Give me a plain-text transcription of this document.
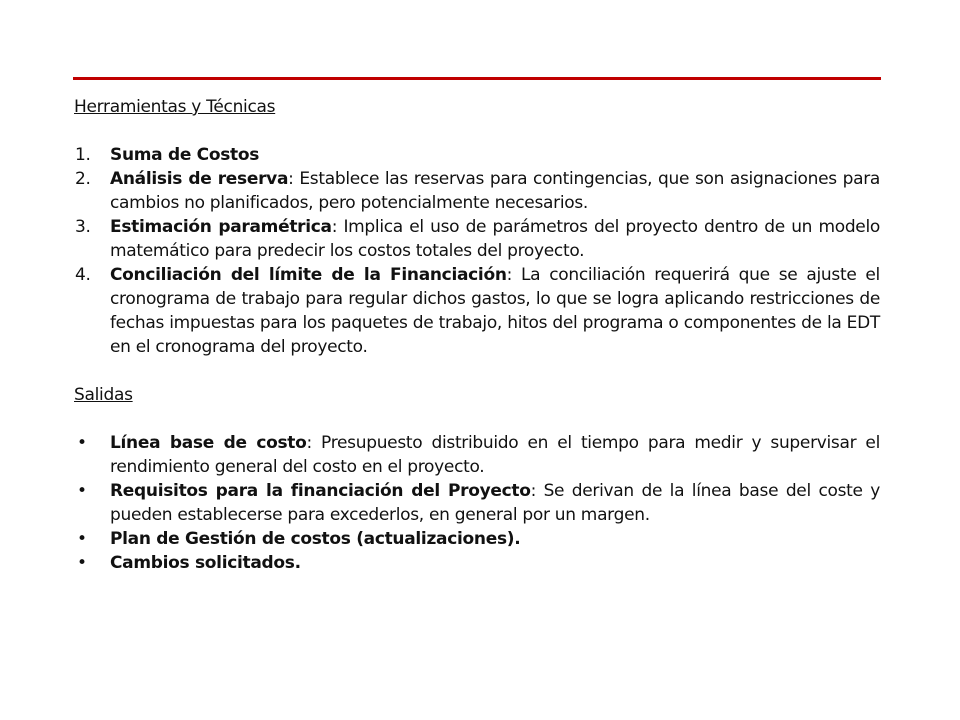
Herramientas y Técnicas

1. Suma de Costos
2. Análisis de reserva: Establece las reservas para contingencias, que son asignaciones para cambios no planificados, pero potencialmente necesarios.
3. Estimación paramétrica: Implica el uso de parámetros del proyecto dentro de un modelo matemático para predecir los costos totales del proyecto.
4. Conciliación del límite de la Financiación: La conciliación requerirá que se ajuste el cronograma de trabajo para regular dichos gastos, lo que se logra aplicando restricciones de fechas impuestas para los paquetes de trabajo, hitos del programa o componentes de la EDT en el cronograma del proyecto.

Salidas

• Línea base de costo: Presupuesto distribuido en el tiempo para medir y supervisar el rendimiento general del costo en el proyecto.
• Requisitos para la financiación del Proyecto: Se derivan de la línea base del coste y pueden establecerse para excederlos, en general por un margen.
• Plan de Gestión de costos (actualizaciones).
• Cambios solicitados.
